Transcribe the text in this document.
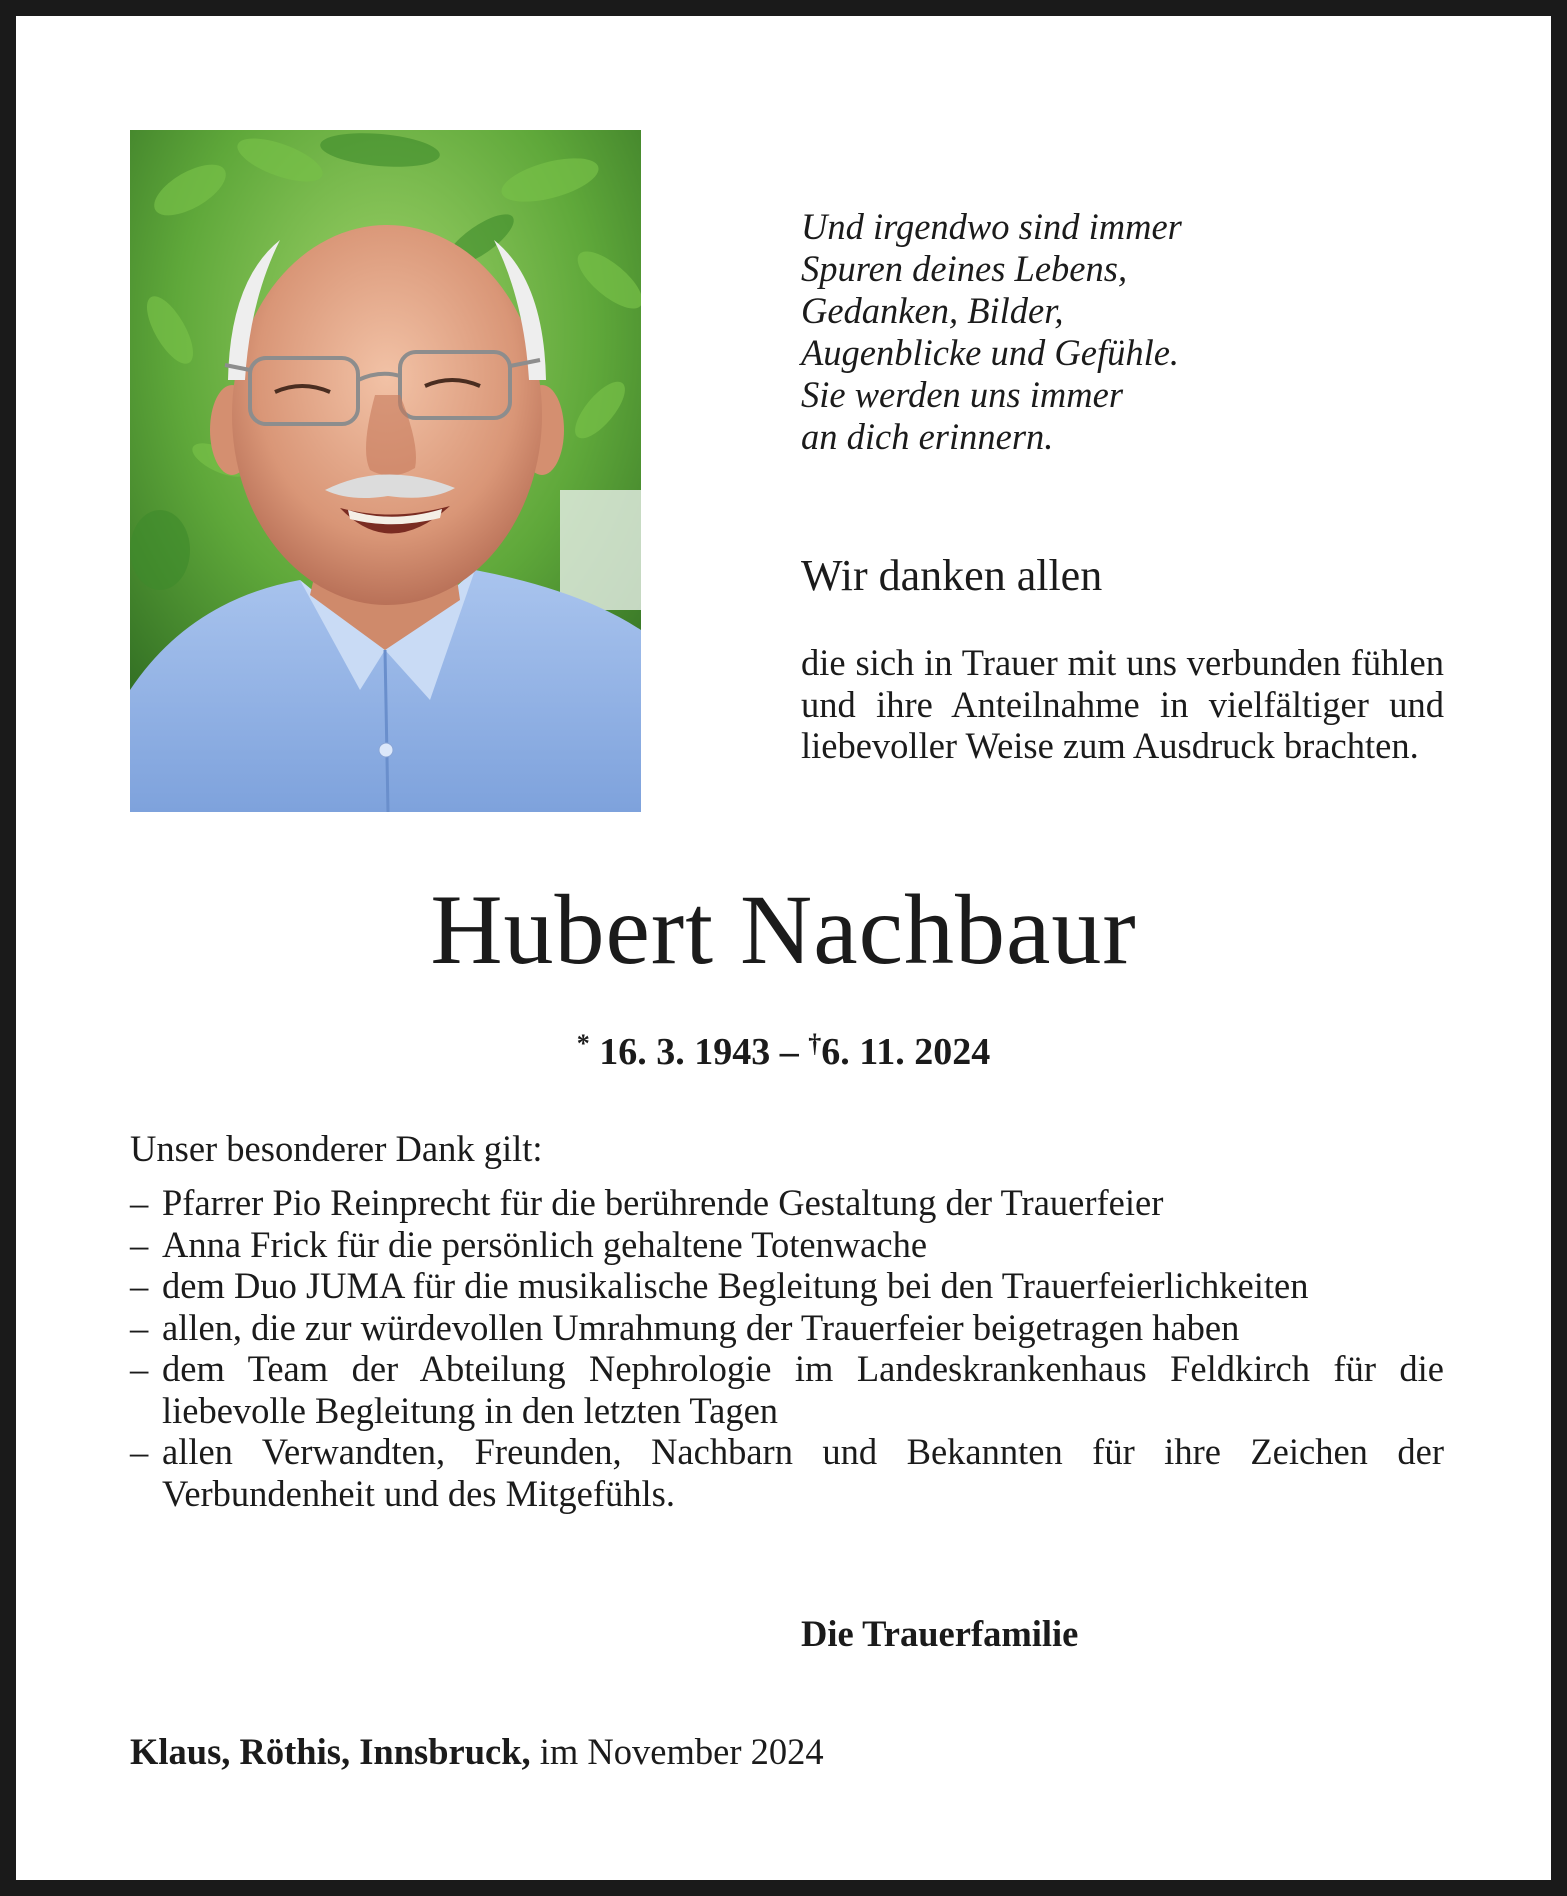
Und irgendwo sind immer
Spuren deines Lebens,
Gedanken, Bilder,
Augenblicke und Gefühle.
Sie werden uns immer
an dich erinnern.
Wir danken allen
die sich in Trauer mit uns verbunden fühlen und ihre Anteilnahme in vielfältiger und liebevoller Weise zum Ausdruck brachten.
Hubert Nachbaur
* 16. 3. 1943 – †6. 11. 2024
Unser besonderer Dank gilt:
– Pfarrer Pio Reinprecht für die berührende Gestaltung der Trauerfeier
– Anna Frick für die persönlich gehaltene Totenwache
– dem Duo JUMA für die musikalische Begleitung bei den Trauerfeierlichkeiten
– allen, die zur würdevollen Umrahmung der Trauerfeier beigetragen haben
– dem Team der Abteilung Nephrologie im Landeskrankenhaus Feldkirch für die liebevolle Begleitung in den letzten Tagen
– allen Verwandten, Freunden, Nachbarn und Bekannten für ihre Zeichen der Verbundenheit und des Mitgefühls.
Die Trauerfamilie
Klaus, Röthis, Innsbruck, im November 2024
